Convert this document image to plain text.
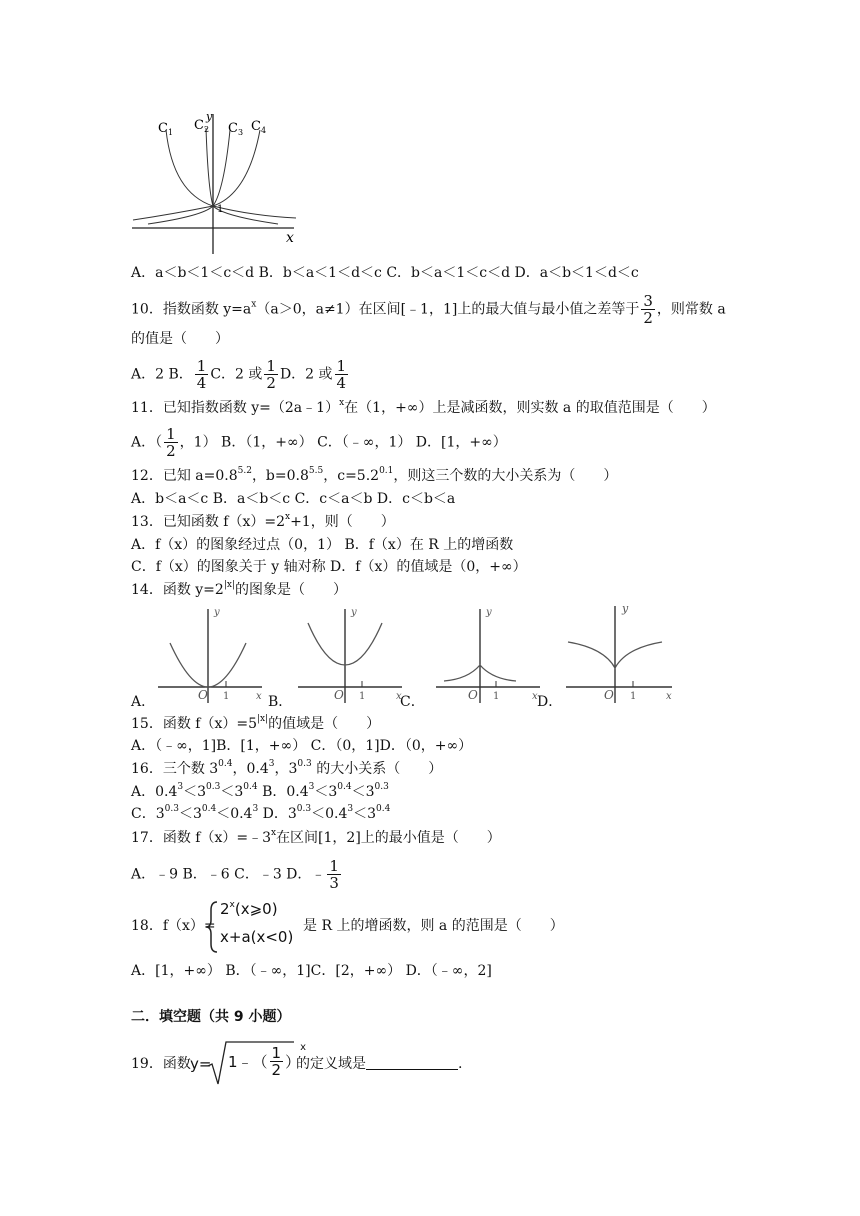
$C_1$ $C_2$ $C_3$ $C_4$
y
x
1
A．a＜b＜1＜c＜d B．b＜a＜1＜d＜c C．b＜a＜1＜c＜d D．a＜b＜1＜d＜c
10．指数函数 $y=a^x(a>0$，a≠1）在区间[﹣1，1]上的最大值与最小值之差等于 $\frac{3}{2}$ ，则常数 a
的值是（　　）
A．2 B． $\frac{1}{4}$ C．2 或 $\frac{1}{2}$ D．2 或 $\frac{1}{4}$
11．已知指数函数 y=（2a﹣1）$^x$在（1，+∞）上是减函数，则实数 a 的取值范围是（　　）
A．（ $\frac{1}{2}$ ，1） B．（1，+∞） C．（﹣∞，1） D．[1，+∞）
12．已知 $a=0.8^{5.2}$，$b=0.8^{5.5}$，$c=5.2^{0.1}$，则这三个数的大小关系为（　　）
A．b＜a＜c B．a＜b＜c C．c＜a＜b D．c＜b＜a
13．已知函数 $f(x)=2^x+1$，则（　　）
A．f（x）的图象经过点（0，1） B．f（x）在 R 上的增函数
C．f（x）的图象关于 y 轴对称 D．f（x）的值域是（0，+∞）
14．函数 $y=2^{|x|}$的图象是（　　）
A．
y
x
O 1	B．
y
x
O 1 C．
y
x
O 1	D．
y
x
O 1
15．函数 $f(x)=5^{|x|}$的值域是（　　）
A．（﹣∞，1]B．[1，+∞） C．（0，1]D．（0，+∞）
16．三个数 $3^{0.4}$，$0.4^3$，$3^{0.3}$ 的大小关系（　　）
A．$0.4^3<3^{0.3}<3^{0.4}$ B．$0.4^3<3^{0.4}<3^{0.3}$
C．$3^{0.3}<3^{0.4}<0.4^3$ D．$3^{0.3}<0.4^3<3^{0.4}$
17．函数 $f(x)=﹣3^x$在区间[1，2]上的最小值是（　　）
A．﹣9 B．﹣6 C．﹣3 D．﹣ $\frac{1}{3}$
18．f（x）=
$2^x(x⩾0)$
x+a(x<0)
是 R 上的增函数，则 a 的范围是（　　）
A．[1，+∞） B．（﹣∞，1]C．[2，+∞） D．（﹣∞，2]
二．填空题（共 9 小题）
19．函数 y= 1﹣（ $\frac{1}{2}$ ）
x
的定义域是	.
